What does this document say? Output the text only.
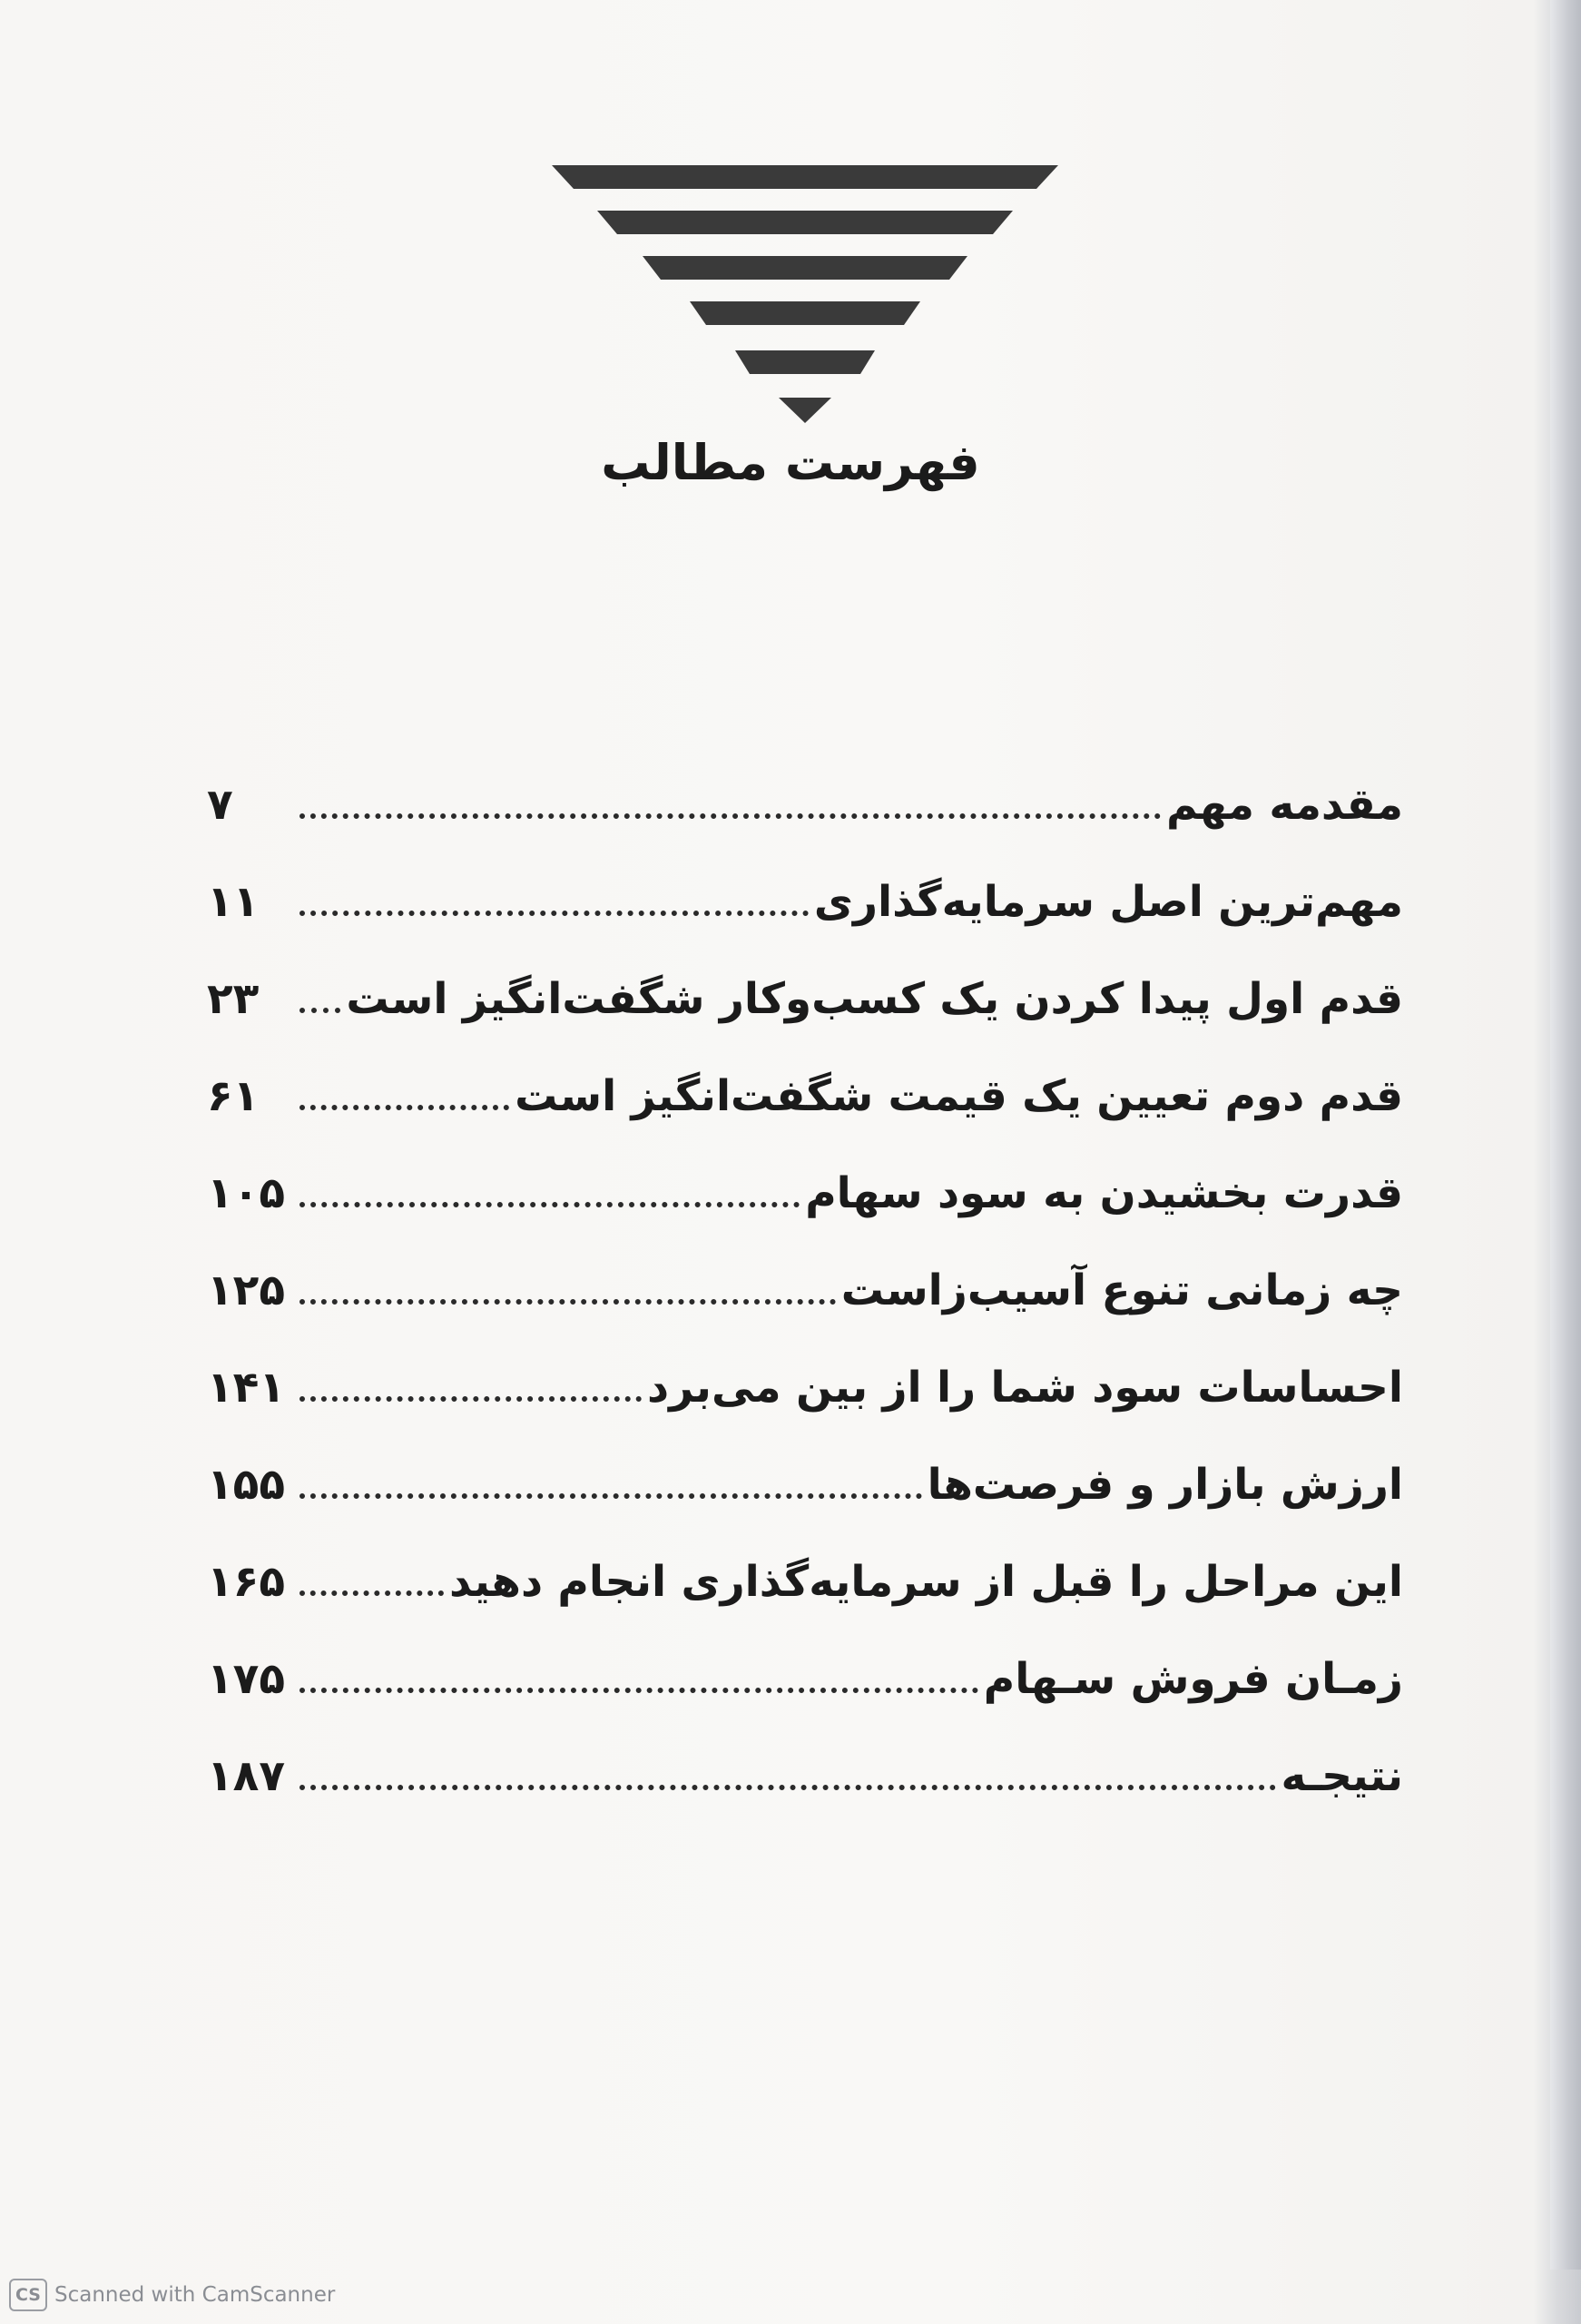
فهرست مطالب
مقدمه مهم
۷
مهم‌ترین اصل سرمایه‌گذاری
۱۱
قدم اول پیدا کردن یک کسب‌وکار شگفت‌انگیز است
۲۳
قدم دوم تعیین یک قیمت شگفت‌انگیز است
۶۱
قدرت بخشیدن به سود سهام
۱۰۵
چه زمانی تنوع آسیب‌زاست
۱۲۵
احساسات سود شما را از بین می‌برد
۱۴۱
ارزش بازار و فرصت‌ها
۱۵۵
این مراحل را قبل از سرمایه‌گذاری انجام دهید
۱۶۵
زمـان فروش سـهام
۱۷۵
نتیجـه
۱۸۷
CS Scanned with CamScanner
